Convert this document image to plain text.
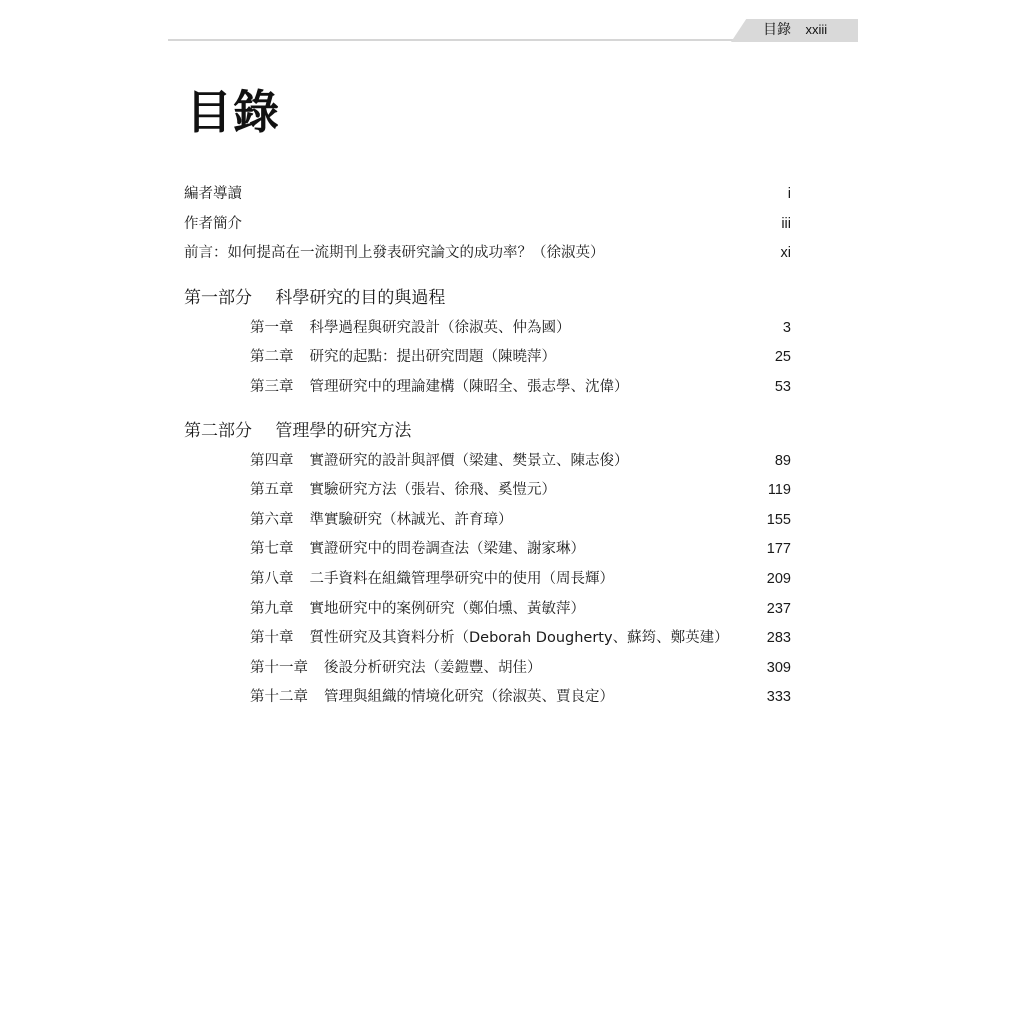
目錄 xxiii
目錄
編者導讀	i
作者簡介	iii
前言：如何提高在一流期刊上發表研究論文的成功率？（徐淑英）	xi
第一部分 科學研究的目的與過程
第一章 科學過程與研究設計（徐淑英、仲為國）	3
第二章 研究的起點：提出研究問題（陳曉萍）	25
第三章 管理研究中的理論建構（陳昭全、張志學、沈偉）	53
第二部分 管理學的研究方法
第四章 實證研究的設計與評價（梁建、樊景立、陳志俊）	89
第五章 實驗研究方法（張岩、徐飛、奚愷元）	119
第六章 準實驗研究（林誠光、許育璋）	155
第七章 實證研究中的問卷調查法（梁建、謝家琳）	177
第八章 二手資料在組織管理學研究中的使用（周長輝）	209
第九章 實地研究中的案例研究（鄭伯壎、黃敏萍）	237
第十章 質性研究及其資料分析（Deborah Dougherty、蘇筠、鄭英建）	283
第十一章 後設分析研究法（姜鎧豐、胡佳）	309
第十二章 管理與組織的情境化研究（徐淑英、賈良定）	333
